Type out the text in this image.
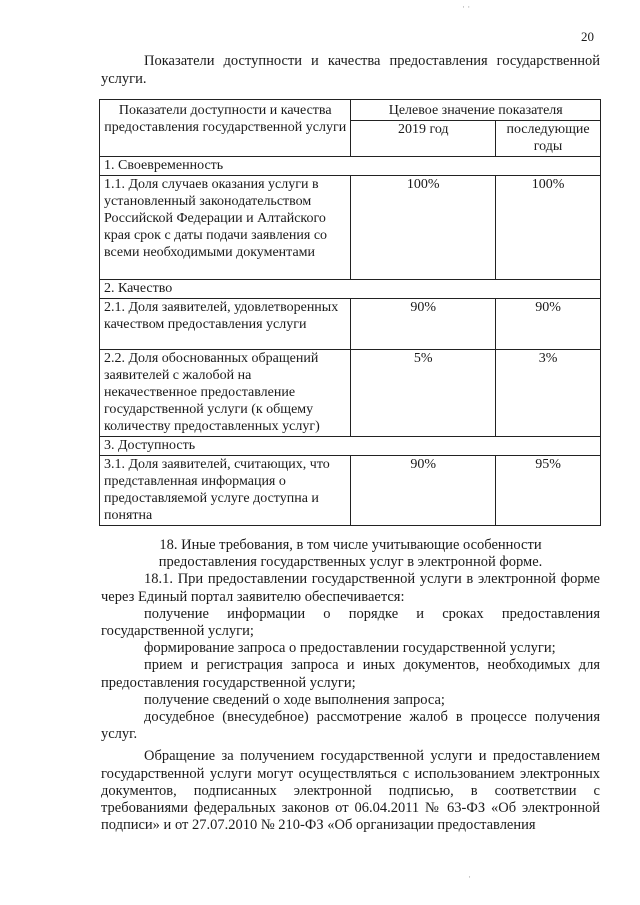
20

Показатели доступности и качества предоставления государственной услуги.

Показатели доступности и качества предоставления государственной услуги	Целевое значение показателя	
	2019 год	последующие годы
1. Своевременность		
1.1. Доля случаев оказания услуги в установленный законодательством Российской Федерации и Алтайского края срок с даты подачи заявления со всеми необходимыми документами	100%	100%
2. Качество		
2.1. Доля заявителей, удовлетворенных качеством предоставления услуги	90%	90%
2.2. Доля обоснованных обращений заявителей с жалобой на некачественное предоставление государственной услуги (к общему количеству предоставленных услуг)	5%	3%
3. Доступность		
3.1. Доля заявителей, считающих, что представленная информация о предоставляемой услуге доступна и понятна	90%	95%

18. Иные требования, в том числе учитывающие особенности предоставления государственных услуг в электронной форме.

18.1. При предоставлении государственной услуги в электронной форме через Единый портал заявителю обеспечивается:

получение информации о порядке и сроках предоставления государственной услуги;

формирование запроса о предоставлении государственной услуги;

прием и регистрация запроса и иных документов, необходимых для предоставления государственной услуги;

получение сведений о ходе выполнения запроса;

досудебное (внесудебное) рассмотрение жалоб в процессе получения услуг.

Обращение за получением государственной услуги и предоставлением государственной услуги могут осуществляться с использованием электронных документов, подписанных электронной подписью, в соответствии с требованиями федеральных законов от 06.04.2011 № 63-ФЗ «Об электронной подписи» и от 27.07.2010 № 210-ФЗ «Об организации предоставления

· ·
·
